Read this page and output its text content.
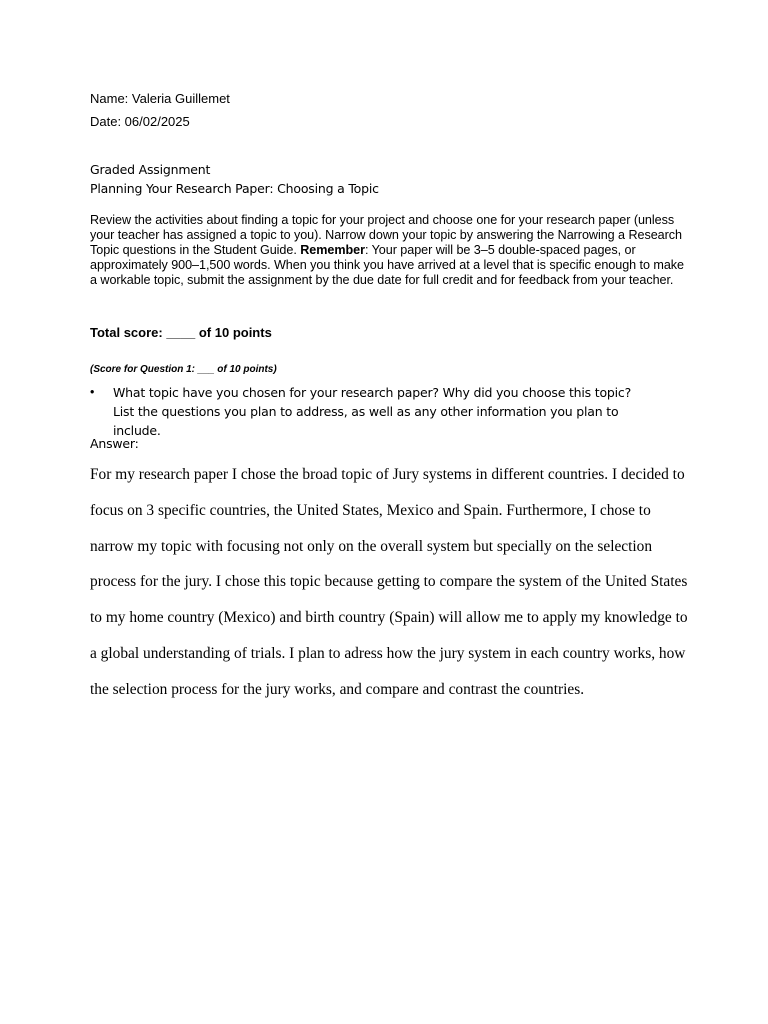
Name: Valeria Guillemet
Date: 06/02/2025
Graded Assignment
Planning Your Research Paper: Choosing a Topic
Review the activities about finding a topic for your project and choose one for your research paper (unless your teacher has assigned a topic to you). Narrow down your topic by answering the Narrowing a Research Topic questions in the Student Guide. Remember: Your paper will be 3–5 double-spaced pages, or approximately 900–1,500 words. When you think you have arrived at a level that is specific enough to make a workable topic, submit the assignment by the due date for full credit and for feedback from your teacher.
Total score: ____ of 10 points
(Score for Question 1: ___ of 10 points)
• What topic have you chosen for your research paper? Why did you choose this topic? List the questions you plan to address, as well as any other information you plan to include.
Answer:
For my research paper I chose the broad topic of Jury systems in different countries. I decided to
focus on 3 specific countries, the United States, Mexico and Spain. Furthermore, I chose to
narrow my topic with focusing not only on the overall system but specially on the selection
process for the jury. I chose this topic because getting to compare the system of the United States
to my home country (Mexico) and birth country (Spain) will allow me to apply my knowledge to
a global understanding of trials. I plan to adress how the jury system in each country works, how
the selection process for the jury works, and compare and contrast the countries.
